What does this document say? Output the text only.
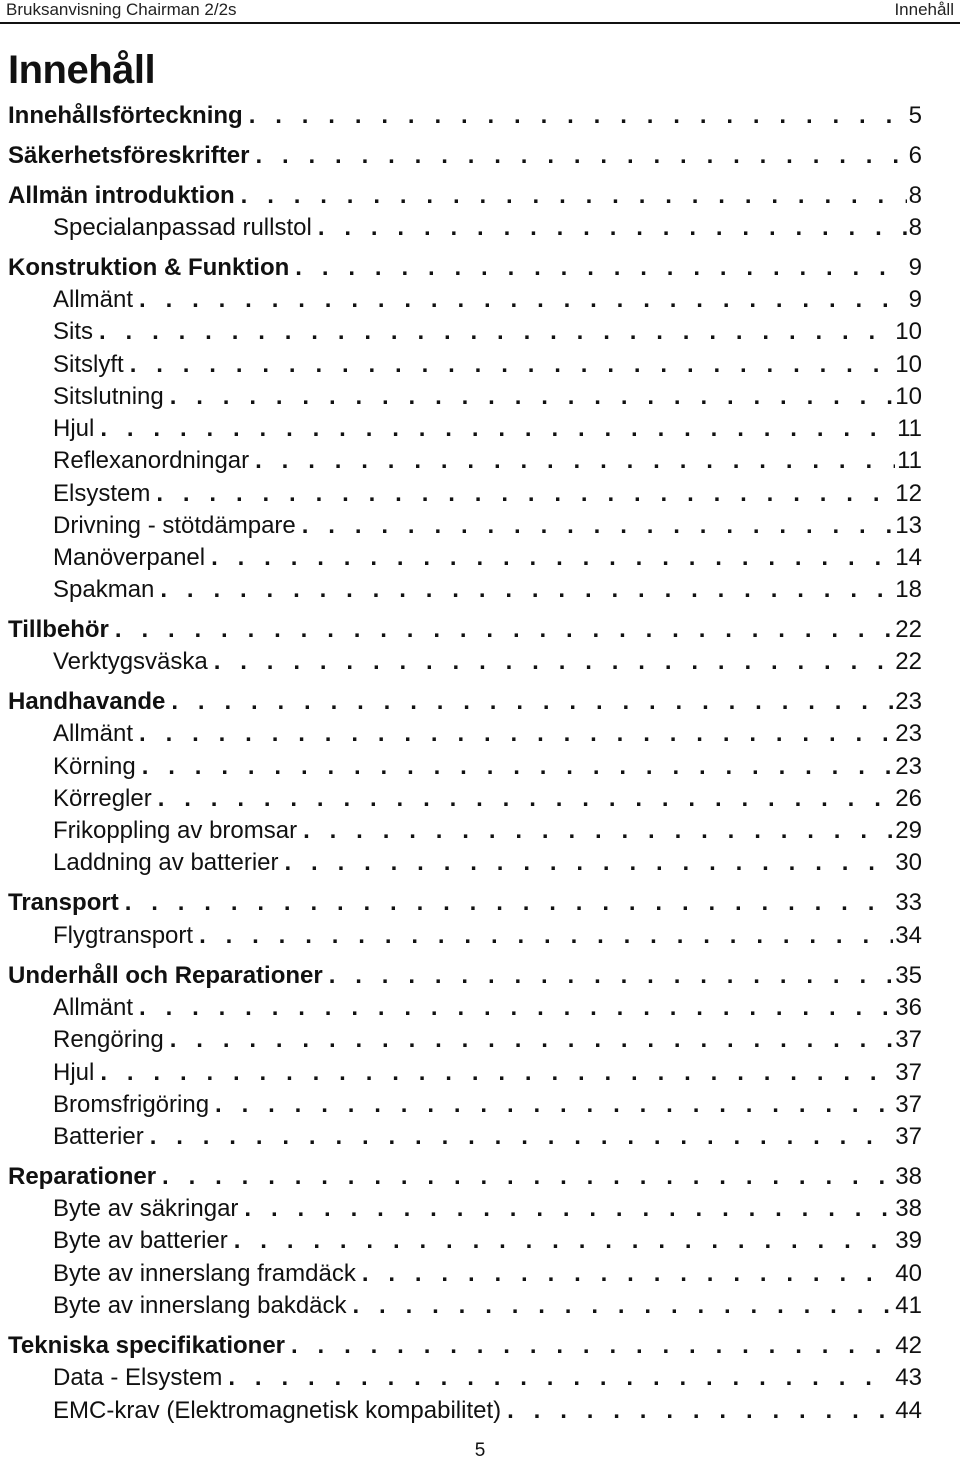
Bruksanvisning Chairman 2/2s	Innehåll
Innehåll
Innehållsförteckning . . .	5
Säkerhetsföreskrifter . . .	6
Allmän introduktion . . .	8
Specialanpassad rullstol . . .	8
Konstruktion & Funktion . . .	9
Allmänt . . .	9
Sits . . .	10
Sitslyft . . .	10
Sitslutning . . .	10
Hjul . . .	11
Reflexanordningar . . .	11
Elsystem . . .	12
Drivning - stötdämpare . . .	13
Manöverpanel . . .	14
Spakman . . .	18
Tillbehör . . .	22
Verktygsväska . . .	22
Handhavande . . .	23
Allmänt . . .	23
Körning . . .	23
Körregler . . .	26
Frikoppling av bromsar . . .	29
Laddning av batterier . . .	30
Transport . . .	33
Flygtransport . . .	34
Underhåll och Reparationer . . .	35
Allmänt . . .	36
Rengöring . . .	37
Hjul . . .	37
Bromsfrigöring . . .	37
Batterier . . .	37
Reparationer . . .	38
Byte av säkringar . . .	38
Byte av batterier . . .	39
Byte av innerslang framdäck . . .	40
Byte av innerslang bakdäck . . .	41
Tekniska specifikationer . . .	42
Data - Elsystem . . .	43
EMC-krav (Elektromagnetisk kompabilitet) . . .	44
5
